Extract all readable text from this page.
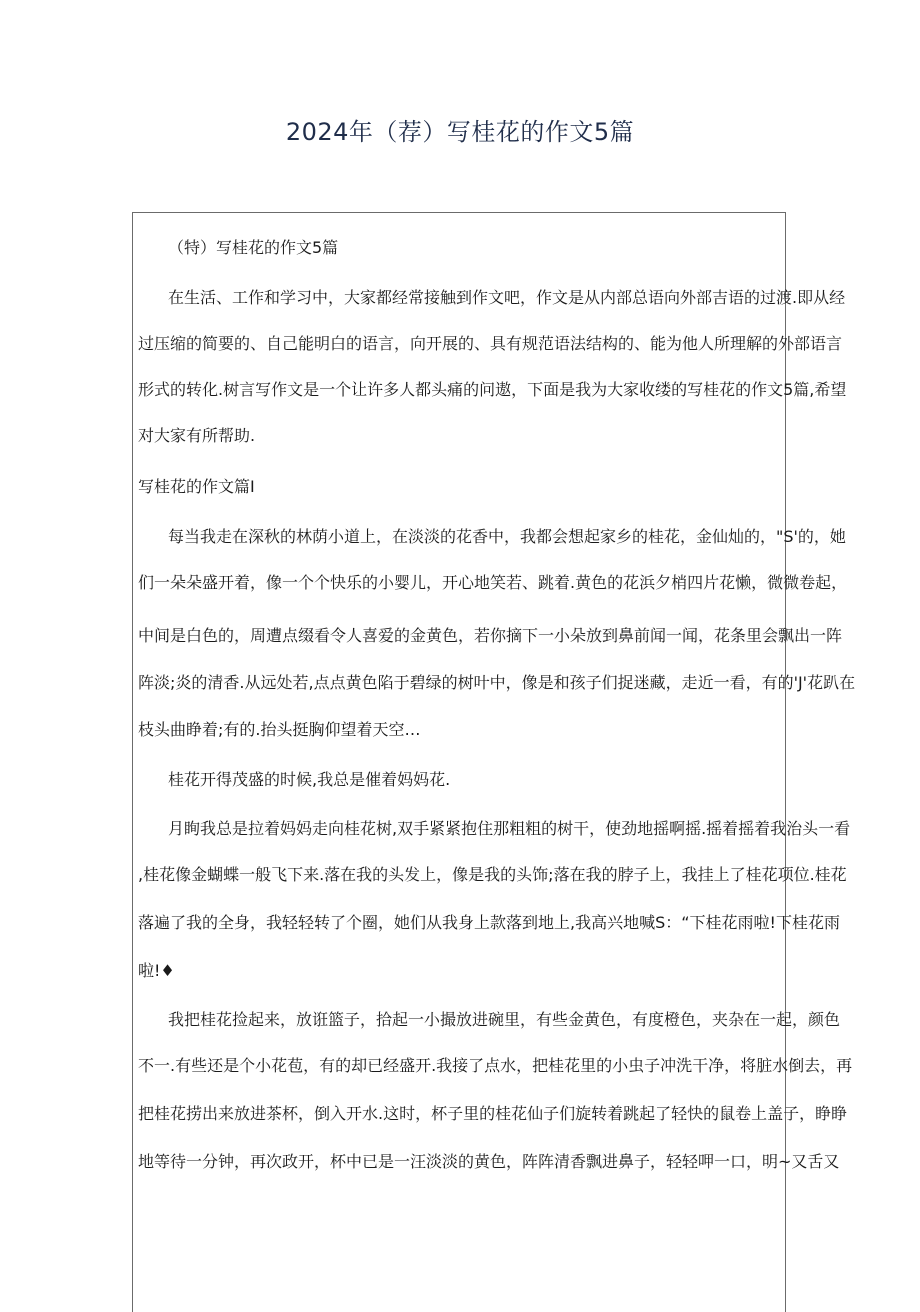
2024年（荐）写桂花的作文5篇

（特）写桂花的作文5篇

在生活、工作和学习中，大家都经常接触到作文吧，作文是从内部总语向外部吉语的过渡.即从经

过压缩的简要的、自己能明白的语言，向开展的、具有规范语法结构的、能为他人所理解的外部语言

形式的转化.树言写作文是一个让许多人都头痛的问遨，下面是我为大家收缕的写桂花的作文5篇,希望

对大家有所帮助.

写桂花的作文篇I

每当我走在深秋的林荫小道上，在淡淡的花香中，我都会想起家乡的桂花，金仙灿的，"S'的，她

们一朵朵盛开着，像一个个快乐的小婴儿，开心地笑若、跳着.黄色的花浜夕梢四片花懒，微微卷起，

中间是白色的，周遭点缀看令人喜爱的金黄色，若你摘下一小朵放到鼻前闻一闻，花条里会飘出一阵

阵淡;炎的清香.从远处若,点点黄色陷于碧绿的树叶中，像是和孩子们捉迷藏，走近一看，有的'J'花趴在

枝头曲睁着;有的.抬头挺胸仰望着天空…

桂花开得茂盛的时候,我总是催着妈妈花.

月眴我总是拉着妈妈走向桂花树,双手紧紧抱住那粗粗的树干，使劲地摇啊摇.摇着摇着我治头一看

,桂花像金蝴蝶一般飞下来.落在我的头发上，像是我的头饰;落在我的脖子上，我挂上了桂花项位.桂花

落遍了我的全身，我轻轻转了个圈，她们从我身上款落到地上,我高兴地喊S：“下桂花雨啦!下桂花雨

啦!♦

我把桂花捡起来，放诳篮子，拾起一小撮放进碗里，有些金黄色，有度橙色，夹杂在一起，颜色

不一.有些还是个小花苞，有的却已经盛开.我接了点水，把桂花里的小虫子冲洗干净，将脏水倒去，再

把桂花捞出来放进茶杯，倒入开水.这时，杯子里的桂花仙子们旋转着跳起了轻快的鼠卷上盖子，睁睁

地等待一分钟，再次政开，杯中已是一汪淡淡的黄色，阵阵清香飘进鼻子，轻轻呷一口，明~又舌又
